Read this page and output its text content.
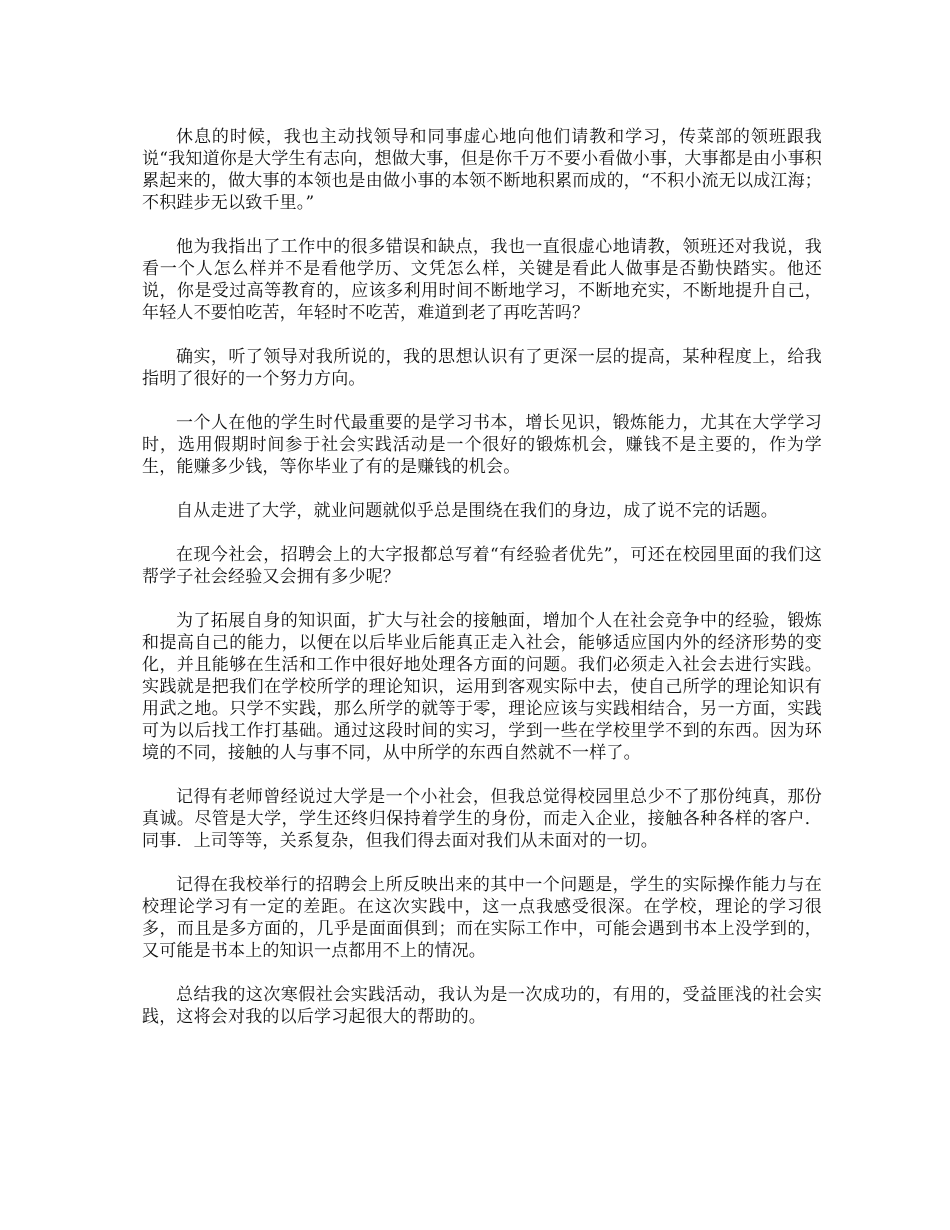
休息的时候，我也主动找领导和同事虚心地向他们请教和学习，传菜部的领班跟我说“我知道你是大学生有志向，想做大事，但是你千万不要小看做小事，大事都是由小事积累起来的，做大事的本领也是由做小事的本领不断地积累而成的，“不积小流无以成江海；不积跬步无以致千里。”

他为我指出了工作中的很多错误和缺点，我也一直很虚心地请教，领班还对我说，我看一个人怎么样并不是看他学历、文凭怎么样，关键是看此人做事是否勤快踏实。他还说，你是受过高等教育的，应该多利用时间不断地学习，不断地充实，不断地提升自己，年轻人不要怕吃苦，年轻时不吃苦，难道到老了再吃苦吗？

确实，听了领导对我所说的，我的思想认识有了更深一层的提高，某种程度上，给我指明了很好的一个努力方向。

一个人在他的学生时代最重要的是学习书本，增长见识，锻炼能力，尤其在大学学习时，选用假期时间参于社会实践活动是一个很好的锻炼机会，赚钱不是主要的，作为学生，能赚多少钱，等你毕业了有的是赚钱的机会。

自从走进了大学，就业问题就似乎总是围绕在我们的身边，成了说不完的话题。

在现今社会，招聘会上的大字报都总写着“有经验者优先”，可还在校园里面的我们这帮学子社会经验又会拥有多少呢？

为了拓展自身的知识面，扩大与社会的接触面，增加个人在社会竞争中的经验，锻炼和提高自己的能力，以便在以后毕业后能真正走入社会，能够适应国内外的经济形势的变化，并且能够在生活和工作中很好地处理各方面的问题。我们必须走入社会去进行实践。实践就是把我们在学校所学的理论知识，运用到客观实际中去，使自己所学的理论知识有用武之地。只学不实践，那么所学的就等于零，理论应该与实践相结合，另一方面，实践可为以后找工作打基础。通过这段时间的实习，学到一些在学校里学不到的东西。因为环境的不同，接触的人与事不同，从中所学的东西自然就不一样了。

记得有老师曾经说过大学是一个小社会，但我总觉得校园里总少不了那份纯真，那份真诚。尽管是大学，学生还终归保持着学生的身份，而走入企业，接触各种各样的客户．同事．上司等等，关系复杂，但我们得去面对我们从未面对的一切。

记得在我校举行的招聘会上所反映出来的其中一个问题是，学生的实际操作能力与在校理论学习有一定的差距。在这次实践中，这一点我感受很深。在学校，理论的学习很多，而且是多方面的，几乎是面面俱到；而在实际工作中，可能会遇到书本上没学到的，又可能是书本上的知识一点都用不上的情况。

总结我的这次寒假社会实践活动，我认为是一次成功的，有用的，受益匪浅的社会实践，这将会对我的以后学习起很大的帮助的。
